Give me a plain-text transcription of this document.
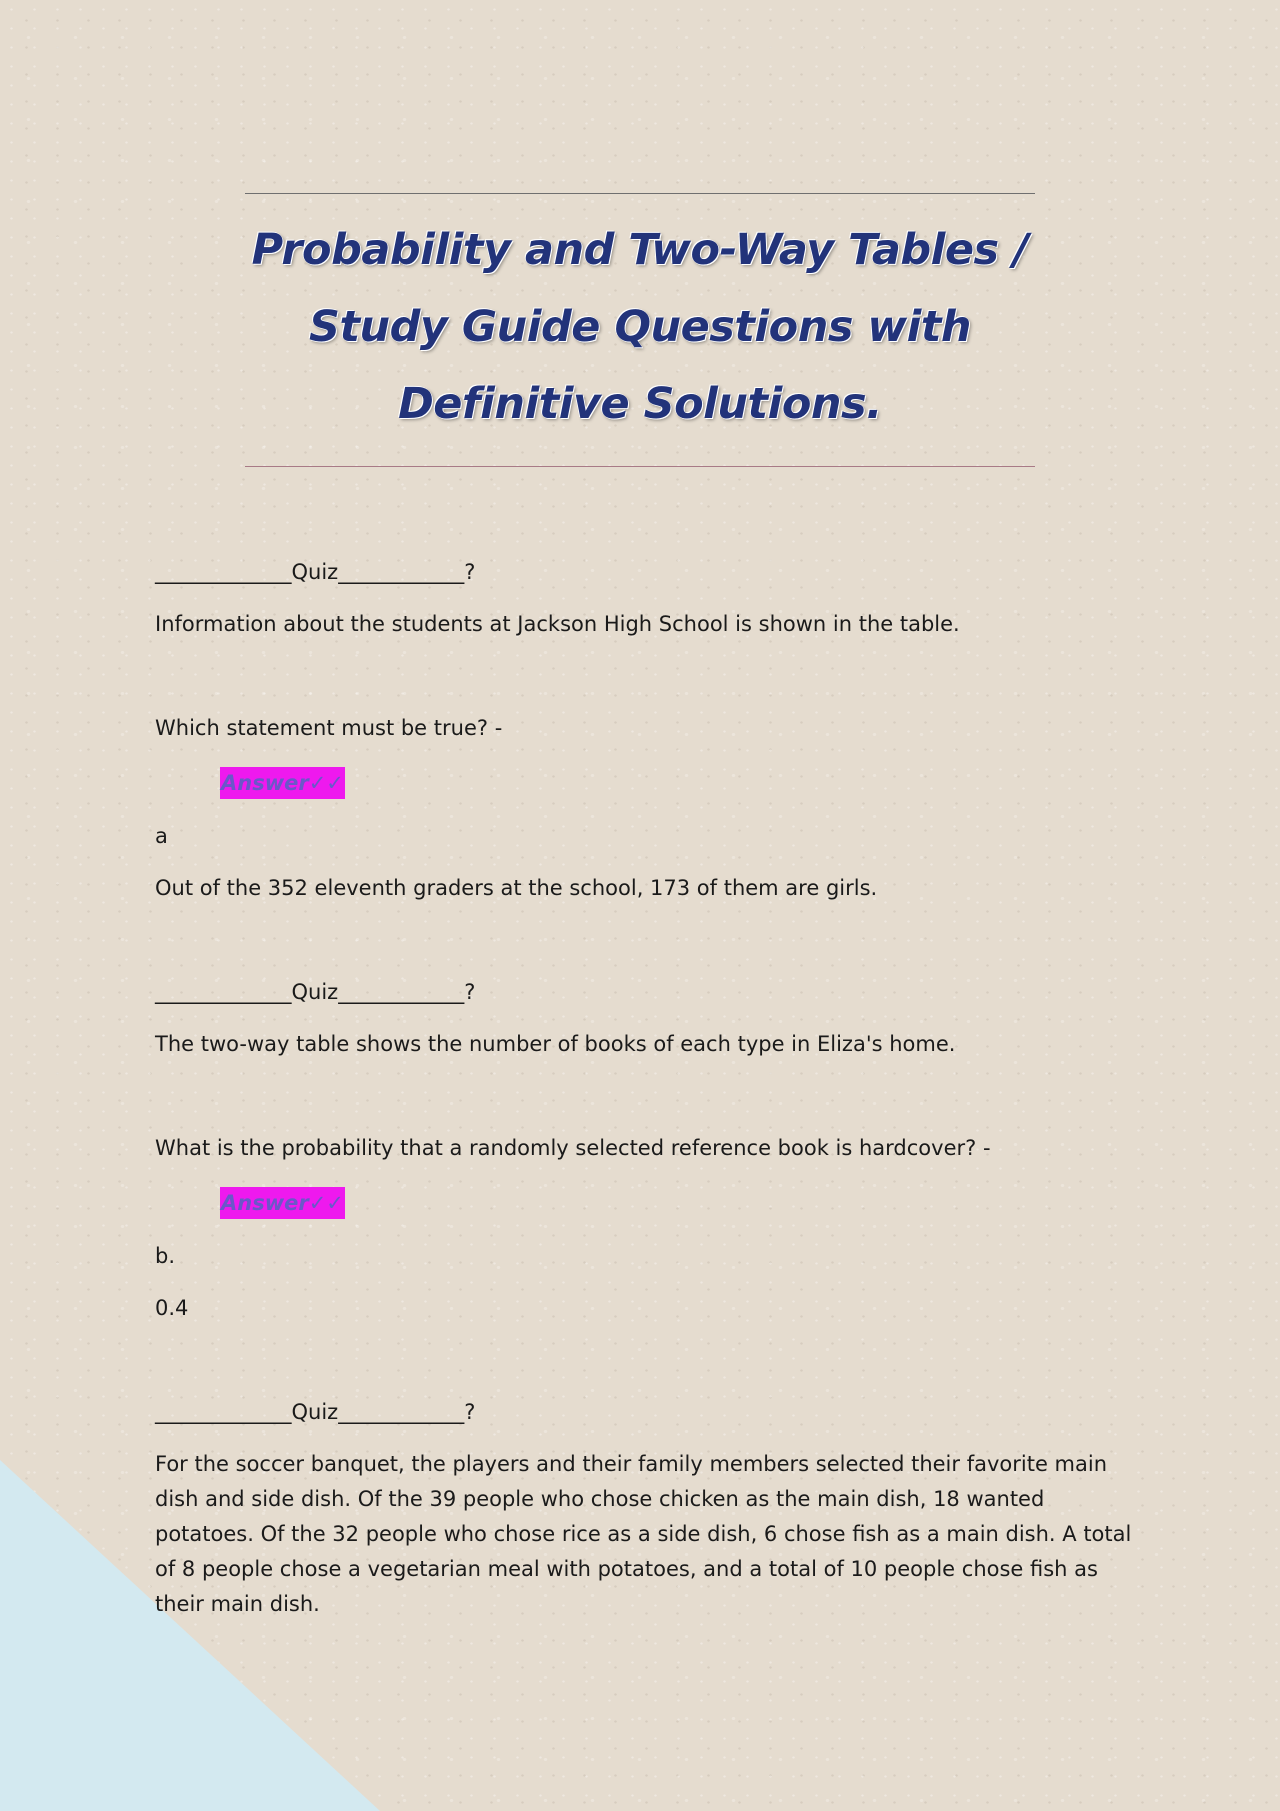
Probability and Two-Way Tables / Study Guide Questions with Definitive Solutions.

_____________Quiz____________?

Information about the students at Jackson High School is shown in the table.

Which statement must be true? -

Answer✓✓

a

Out of the 352 eleventh graders at the school, 173 of them are girls.

_____________Quiz____________?

The two-way table shows the number of books of each type in Eliza's home.

What is the probability that a randomly selected reference book is hardcover? -

Answer✓✓

b.

0.4

_____________Quiz____________?

For the soccer banquet, the players and their family members selected their favorite main dish and side dish. Of the 39 people who chose chicken as the main dish, 18 wanted potatoes. Of the 32 people who chose rice as a side dish, 6 chose fish as a main dish. A total of 8 people chose a vegetarian meal with potatoes, and a total of 10 people chose fish as their main dish.
